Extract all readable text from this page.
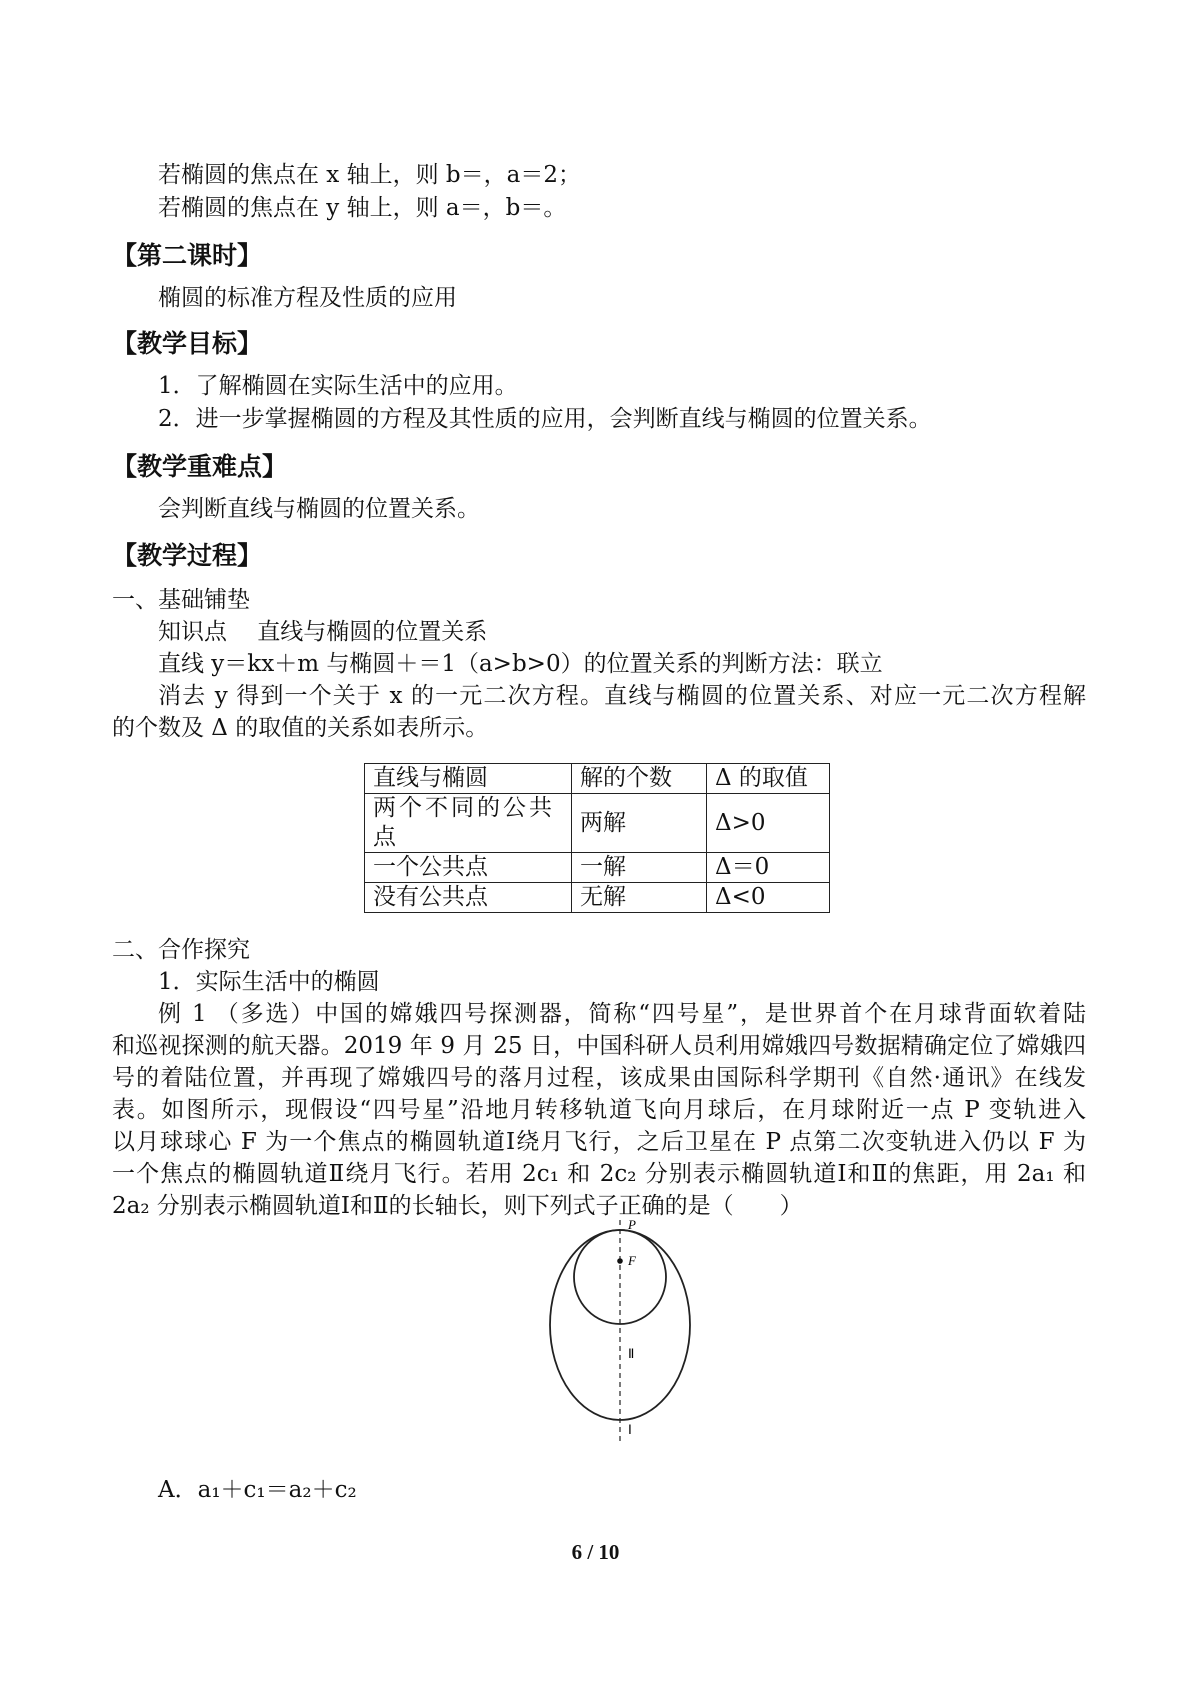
若椭圆的焦点在 x 轴上，则 b＝，a＝2；
若椭圆的焦点在 y 轴上，则 a＝，b＝。
【第二课时】
椭圆的标准方程及性质的应用
【教学目标】
1．了解椭圆在实际生活中的应用。
2．进一步掌握椭圆的方程及其性质的应用，会判断直线与椭圆的位置关系。
【教学重难点】
会判断直线与椭圆的位置关系。
【教学过程】
一、基础铺垫
知识点　 直线与椭圆的位置关系
直线 y＝kx＋m 与椭圆＋＝1（a>b>0）的位置关系的判断方法：联立
消去 y 得到一个关于 x 的一元二次方程。直线与椭圆的位置关系、对应一元二次方程解
的个数及 Δ 的取值的关系如表所示。
直线与椭圆	解的个数	Δ 的取值
两个不同的公共点	两解	Δ>0
一个公共点	一解	Δ＝0
没有公共点	无解	Δ<0
二、合作探究
1．实际生活中的椭圆
例 1 （多选）中国的嫦娥四号探测器，简称“四号星”，是世界首个在月球背面软着陆
和巡视探测的航天器。2019 年 9 月 25 日，中国科研人员利用嫦娥四号数据精确定位了嫦娥四
号的着陆位置，并再现了嫦娥四号的落月过程，该成果由国际科学期刊《自然·通讯》在线发
表。如图所示，现假设“四号星”沿地月转移轨道飞向月球后，在月球附近一点 P 变轨进入
以月球球心 F 为一个焦点的椭圆轨道Ⅰ绕月飞行，之后卫星在 P 点第二次变轨进入仍以 F 为
一个焦点的椭圆轨道Ⅱ绕月飞行。若用 2c₁ 和 2c₂ 分别表示椭圆轨道Ⅰ和Ⅱ的焦距，用 2a₁ 和
2a₂ 分别表示椭圆轨道Ⅰ和Ⅱ的长轴长，则下列式子正确的是（　　）
P
F
Ⅱ
Ⅰ
A．a₁＋c₁＝a₂＋c₂
6 / 10
